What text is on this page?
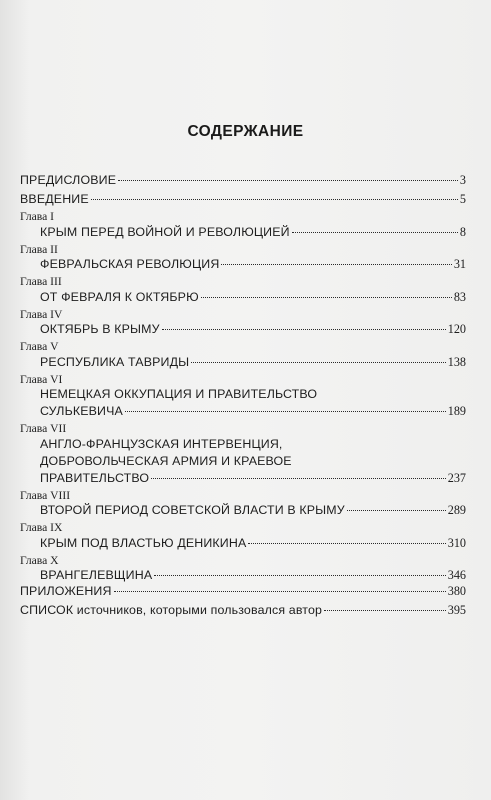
СОДЕРЖАНИЕ
ПРЕДИСЛОВИЕ	3
ВВЕДЕНИЕ	5
Глава I
КРЫМ ПЕРЕД ВОЙНОЙ И РЕВОЛЮЦИЕЙ	8
Глава II
ФЕВРАЛЬСКАЯ РЕВОЛЮЦИЯ	31
Глава III
ОТ ФЕВРАЛЯ К ОКТЯБРЮ	83
Глава IV
ОКТЯБРЬ В КРЫМУ	120
Глава V
РЕСПУБЛИКА ТАВРИДЫ	138
Глава VI
НЕМЕЦКАЯ ОККУПАЦИЯ И ПРАВИТЕЛЬСТВО
СУЛЬКЕВИЧА	189
Глава VII
АНГЛО-ФРАНЦУЗСКАЯ ИНТЕРВЕНЦИЯ,
ДОБРОВОЛЬЧЕСКАЯ АРМИЯ И КРАЕВОЕ
ПРАВИТЕЛЬСТВО	237
Глава VIII
ВТОРОЙ ПЕРИОД СОВЕТСКОЙ ВЛАСТИ В КРЫМУ	289
Глава IX
КРЫМ ПОД ВЛАСТЬЮ ДЕНИКИНА	310
Глава X
ВРАНГЕЛЕВЩИНА	346
ПРИЛОЖЕНИЯ	380
СПИСОК источников, которыми пользовался автор	395
